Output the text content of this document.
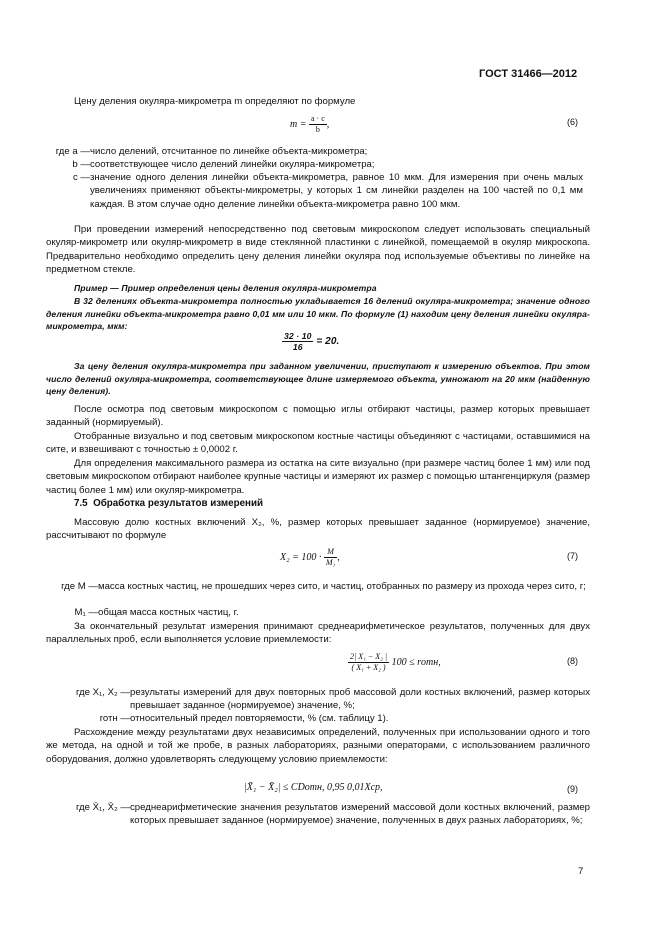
ГОСТ 31466—2012

Цену деления окуляра-микрометра m определяют по формуле

$m = \frac{a \cdot c}{b}$ ,	(6)
где a — число делений, отсчитанное по линейке объекта-микрометра;
b — соответствующее число делений линейки окуляра-микрометра;
c — значение одного деления линейки объекта-микрометра, равное 10 мкм. Для измерения при очень малых увеличениях применяют объекты-микрометры, у которых 1 см линейки разделен на 100 частей по 0,1 мм каждая. В этом случае одно деление линейки объекта-микрометра равно 100 мкм.

При проведении измерений непосредственно под световым микроскопом следует использовать специальный окуляр-микрометр или окуляр-микрометр в виде стеклянной пластинки с линейкой, помещаемой в окуляр микроскопа. Предварительно необходимо определить цену деления линейки окуляра под используемые объективы по линейке на предметном стекле.

Пример — Пример определения цены деления окуляра-микрометра

В 32 делениях объекта-микрометра полностью укладывается 16 делений окуляра-микрометра; значение одного деления линейки объекта-микрометра равно 0,01 мм или 10 мкм. По формуле (1) находим цену деления линейки окуляра-микрометра, мкм:

$\frac{32 \cdot 10}{16} = 20$.

За цену деления окуляра-микрометра при заданном увеличении, приступают к измерению объектов. При этом число делений окуляра-микрометра, соответствующее длине измеряемого объекта, умножают на 20 мкм (найденную цену деления).

После осмотра под световым микроскопом с помощью иглы отбирают частицы, размер которых превышает заданный (нормируемый).

Отобранные визуально и под световым микроскопом костные частицы объединяют с частицами, оставшимися на сите, и взвешивают с точностью ± 0,0002 г.

Для определения максимального размера из остатка на сите визуально (при размере частиц более 1 мм) или под световым микроскопом отбирают наиболее крупные частицы и измеряют их размер с помощью штангенциркуля (размер частиц более 1 мм) или окуляр-микрометра.

7.5 Обработка результатов измерений

Массовую долю костных включений X₂, %, размер которых превышает заданное (нормируемое) значение, рассчитывают по формуле

$X_2 = 100 \cdot \frac{M}{\text{M₁}}$ ,	(7)
где M — масса костных частиц, не прошедших через сито, и частиц, отобранных по размеру из прохода через сито, г;
M₁ — общая масса костных частиц, г.

За окончательный результат измерения принимают среднеарифметическое результатов, полученных для двух параллельных проб, если выполняется условие приемлемости:

$\frac{\text{2| X₁ − X₂ |}}{\text{( X₁ + X₂ )}} 100$ ≤ rотн,	(8)
где X₁, X₂ — результаты измерений для двух повторных проб массовой доли костных включений, размер которых превышает заданное (нормируемое) значение, %;
rотн — относительный предел повторяемости, % (см. таблицу 1).

Расхождение между результатами двух независимых определений, полученных при использовании одного и того же метода, на одной и той же пробе, в разных лабораториях, разными операторами, с использованием различного оборудования, должно удовлетворять следующему условию приемлемости:

|X̄₁ − X̄₂| ≤ CDотн, 0,95 0,01Xср,	(9)
где X̄₁, X̄₂ — среднеарифметические значения результатов измерений массовой доли костных включений, размер которых превышает заданное (нормируемое) значение, полученных в двух разных лабораториях, %;
7
